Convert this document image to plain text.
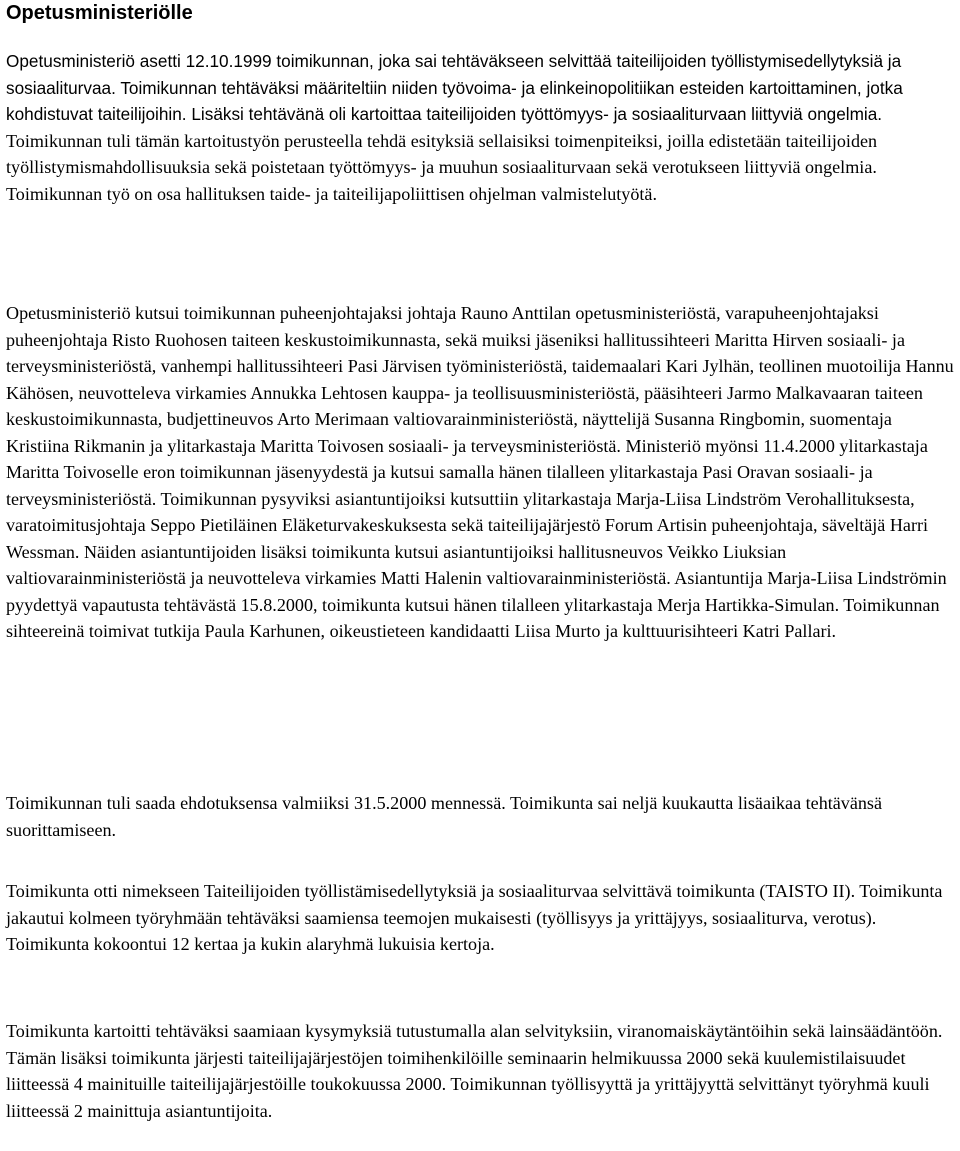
Opetusministeriölle

Opetusministeriö asetti 12.10.1999 toimikunnan, joka sai tehtäväkseen selvittää taiteilijoiden työllistymisedellytyksiä ja sosiaaliturvaa. Toimikunnan tehtäväksi määriteltiin niiden työvoima- ja elinkeinopolitiikan esteiden kartoittaminen, jotka kohdistuvat taiteilijoihin. Lisäksi tehtävänä oli kartoittaa taiteilijoiden työttömyys- ja sosiaaliturvaan liittyviä ongelmia. Toimikunnan tuli tämän kartoitustyön perusteella tehdä esityksiä sellaisiksi toimenpiteiksi, joilla edistetään taiteilijoiden työllistymismahdollisuuksia sekä poistetaan työttömyys- ja muuhun sosiaaliturvaan sekä verotukseen liittyviä ongelmia. Toimikunnan työ on osa hallituksen taide- ja taiteilijapoliittisen ohjelman valmistelutyötä.

Opetusministeriö kutsui toimikunnan puheenjohtajaksi johtaja Rauno Anttilan opetusministeriöstä, varapuheenjohtajaksi puheenjohtaja Risto Ruohosen taiteen keskustoimikunnasta, sekä muiksi jäseniksi hallitussihteeri Maritta Hirven sosiaali- ja terveysministeriöstä, vanhempi hallitussihteeri Pasi Järvisen työministeriöstä, taidemaalari Kari Jylhän, teollinen muotoilija Hannu Kähösen, neuvotteleva virkamies Annukka Lehtosen kauppa- ja teollisuusministeriöstä, pääsihteeri Jarmo Malkavaaran taiteen keskustoimikunnasta, budjettineuvos Arto Merimaan valtiovarainministeriöstä, näyttelijä Susanna Ringbomin, suomentaja Kristiina Rikmanin ja ylitarkastaja Maritta Toivosen sosiaali- ja terveysministeriöstä. Ministeriö myönsi 11.4.2000 ylitarkastaja Maritta Toivoselle eron toimikunnan jäsenyydestä ja kutsui samalla hänen tilalleen ylitarkastaja Pasi Oravan sosiaali- ja terveysministeriöstä. Toimikunnan pysyviksi asiantuntijoiksi kutsuttiin ylitarkastaja Marja-Liisa Lindström Verohallituksesta, varatoimitusjohtaja Seppo Pietiläinen Eläketurvakeskuksesta sekä taiteilijajärjestö Forum Artisin puheenjohtaja, säveltäjä Harri Wessman. Näiden asiantuntijoiden lisäksi toimikunta kutsui asiantuntijoiksi hallitusneuvos Veikko Liuksian valtiovarainministeriöstä ja neuvotteleva virkamies Matti Halenin valtiovarainministeriöstä. Asiantuntija Marja-Liisa Lindströmin pyydettyä vapautusta tehtävästä 15.8.2000, toimikunta kutsui hänen tilalleen ylitarkastaja Merja Hartikka-Simulan. Toimikunnan sihteereinä toimivat tutkija Paula Karhunen, oikeustieteen kandidaatti Liisa Murto ja kulttuurisihteeri Katri Pallari.

Toimikunnan tuli saada ehdotuksensa valmiiksi 31.5.2000 mennessä. Toimikunta sai neljä kuukautta lisäaikaa tehtävänsä suorittamiseen.

Toimikunta otti nimekseen Taiteilijoiden työllistämisedellytyksiä ja sosiaaliturvaa selvittävä toimikunta (TAISTO II). Toimikunta jakautui kolmeen työryhmään tehtäväksi saamiensa teemojen mukaisesti (työllisyys ja yrittäjyys, sosiaaliturva, verotus). Toimikunta kokoontui 12 kertaa ja kukin alaryhmä lukuisia kertoja.

Toimikunta kartoitti tehtäväksi saamiaan kysymyksiä tutustumalla alan selvityksiin, viranomaiskäytäntöihin sekä lainsäädäntöön. Tämän lisäksi toimikunta järjesti taiteilijajärjestöjen toimihenkilöille seminaarin helmikuussa 2000 sekä kuulemistilaisuudet liitteessä 4 mainituille taiteilijajärjestöille toukokuussa 2000. Toimikunnan työllisyyttä ja yrittäjyyttä selvittänyt työryhmä kuuli liitteessä 2 mainittuja asiantuntijoita.
